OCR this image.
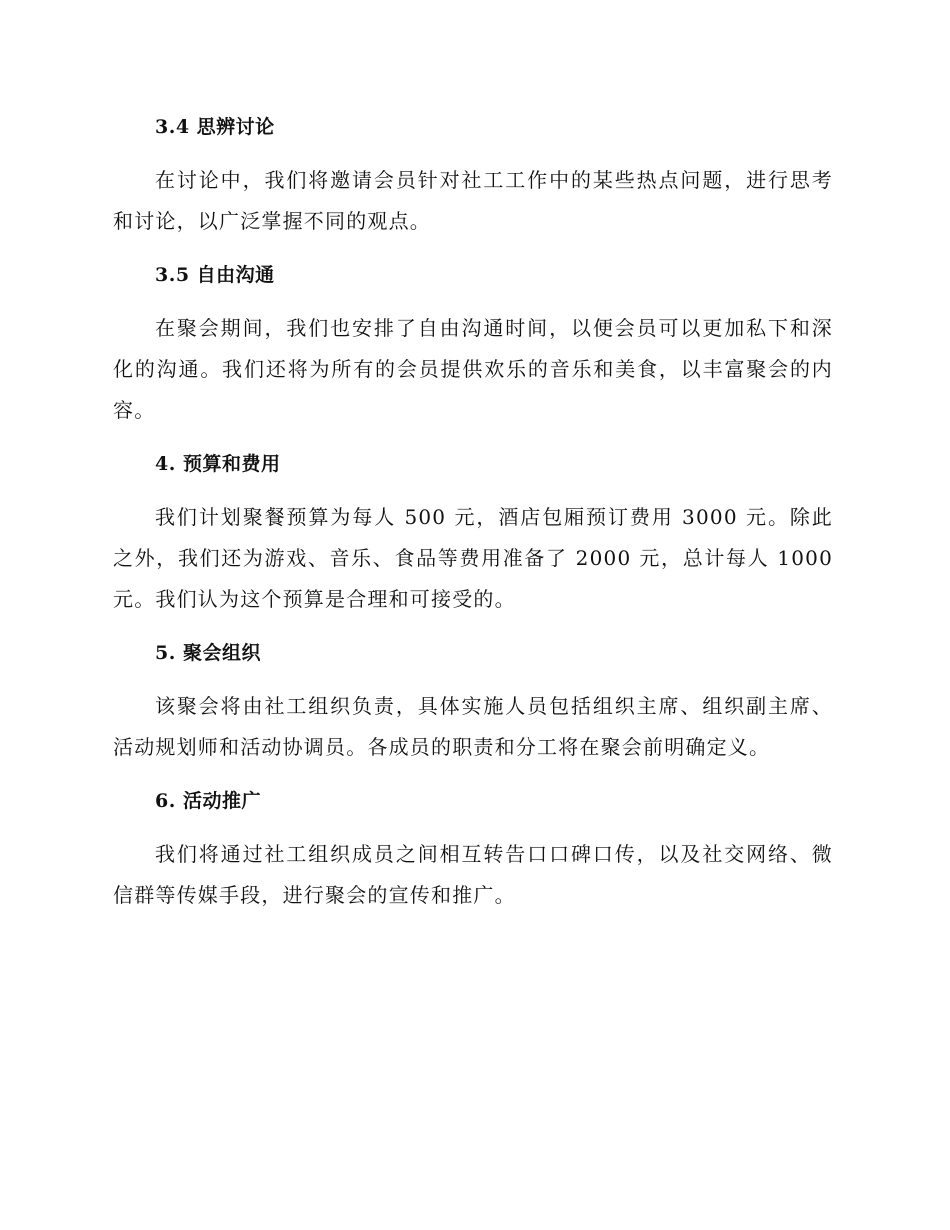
3.4 思辨讨论

在讨论中，我们将邀请会员针对社工工作中的某些热点问题，进行思考和讨论，以广泛掌握不同的观点。

3.5 自由沟通

在聚会期间，我们也安排了自由沟通时间，以便会员可以更加私下和深化的沟通。我们还将为所有的会员提供欢乐的音乐和美食，以丰富聚会的内容。

4. 预算和费用

我们计划聚餐预算为每人 500 元，酒店包厢预订费用 3000 元。除此之外，我们还为游戏、音乐、食品等费用准备了 2000 元，总计每人 1000 元。我们认为这个预算是合理和可接受的。

5. 聚会组织

该聚会将由社工组织负责，具体实施人员包括组织主席、组织副主席、活动规划师和活动协调员。各成员的职责和分工将在聚会前明确定义。

6. 活动推广

我们将通过社工组织成员之间相互转告口口碑口传，以及社交网络、微信群等传媒手段，进行聚会的宣传和推广。
